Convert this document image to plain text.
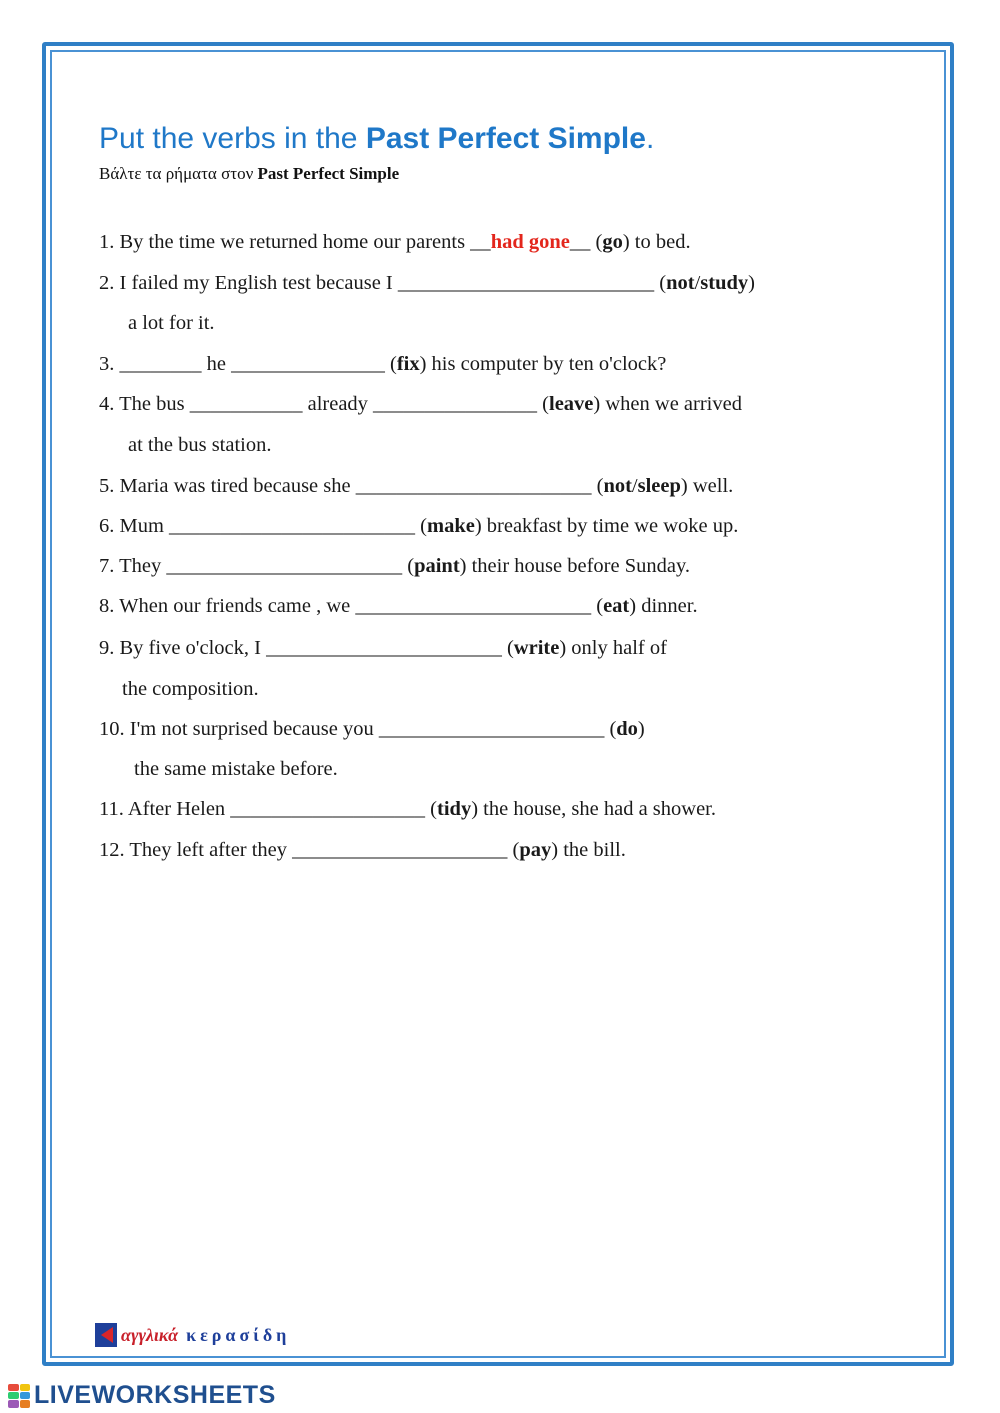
Put the verbs in the Past Perfect Simple.
Βάλτε τα ρήματα στον Past Perfect Simple
1. By the time we returned home our parents __had gone__ (go) to bed.
2. I failed my English test because I _________________________ (not/study)
a lot for it.
3. ________ he _______________ (fix) his computer by ten o'clock?
4. The bus ___________ already ________________ (leave) when we arrived
at the bus station.
5. Maria was tired because she _______________________ (not/sleep) well.
6. Mum ________________________ (make) breakfast by time we woke up.
7. They _______________________ (paint) their house before Sunday.
8. When our friends came , we _______________________ (eat) dinner.
9. By five o'clock, I _______________________ (write) only half of
the composition.
10. I'm not surprised because you ______________________ (do)
the same mistake before.
11. After Helen ___________________ (tidy) the house, she had a shower.
12. They left after they _____________________ (pay) the bill.
αγγλικά κερασίδη
LIVEWORKSHEETS
